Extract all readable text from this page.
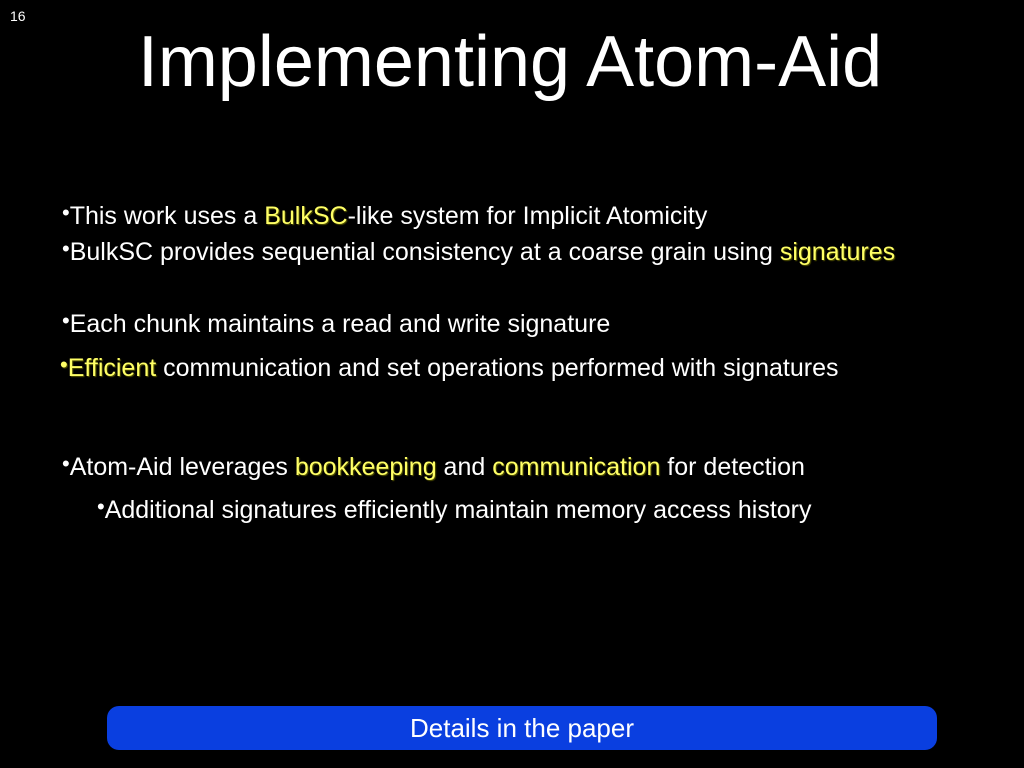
16
Implementing Atom-Aid
•This work uses a BulkSC-like system for Implicit Atomicity
•BulkSC provides sequential consistency at a coarse grain using signatures
•Each chunk maintains a read and write signature
•Efficient communication and set operations performed with signatures
•Atom-Aid leverages bookkeeping and communication for detection
•Additional signatures efficiently maintain memory access history
Details in the paper
